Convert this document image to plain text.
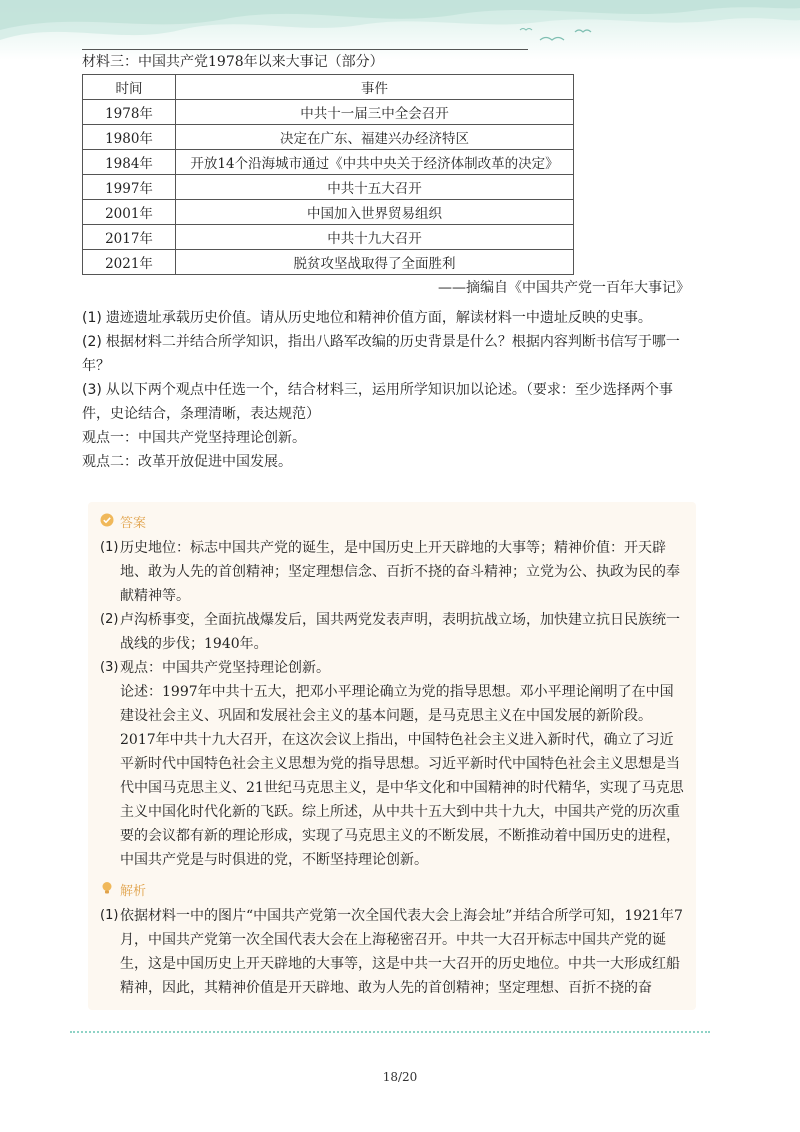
材料三：中国共产党1978年以来大事记（部分）
时间	事件
1978年	中共十一届三中全会召开
1980年	决定在广东、福建兴办经济特区
1984年	开放14个沿海城市通过《中共中央关于经济体制改革的决定》
1997年	中共十五大召开
2001年	中国加入世界贸易组织
2017年	中共十九大召开
2021年	脱贫攻坚战取得了全面胜利
——摘编自《中国共产党一百年大事记》

(1) 遗迹遗址承载历史价值。请从历史地位和精神价值方面，解读材料一中遗址反映的史事。

(2) 根据材料二并结合所学知识，指出八路军改编的历史背景是什么？根据内容判断书信写于哪一年？

(3) 从以下两个观点中任选一个，结合材料三，运用所学知识加以论述。（要求：至少选择两个事件，史论结合，条理清晰，表达规范）

观点一：中国共产党坚持理论创新。

观点二：改革开放促进中国发展。

答案
(1) 历史地位：标志中国共产党的诞生，是中国历史上开天辟地的大事等；精神价值：开天辟地、敢为人先的首创精神；坚定理想信念、百折不挠的奋斗精神；立党为公、执政为民的奉献精神等。

(2) 卢沟桥事变，全面抗战爆发后，国共两党发表声明，表明抗战立场，加快建立抗日民族统一战线的步伐；1940年。

(3) 观点：中国共产党坚持理论创新。

论述：1997年中共十五大，把邓小平理论确立为党的指导思想。邓小平理论阐明了在中国建设社会主义、巩固和发展社会主义的基本问题，是马克思主义在中国发展的新阶段。

2017年中共十九大召开，在这次会议上指出，中国特色社会主义进入新时代，确立了习近平新时代中国特色社会主义思想为党的指导思想。习近平新时代中国特色社会主义思想是当代中国马克思主义、21世纪马克思主义，是中华文化和中国精神的时代精华，实现了马克思主义中国化时代化新的飞跃。综上所述，从中共十五大到中共十九大，中国共产党的历次重要的会议都有新的理论形成，实现了马克思主义的不断发展，不断推动着中国历史的进程，中国共产党是与时俱进的党，不断坚持理论创新。

解析
(1) 依据材料一中的图片“中国共产党第一次全国代表大会上海会址”并结合所学可知，1921年7月，中国共产党第一次全国代表大会在上海秘密召开。中共一大召开标志中国共产党的诞生，这是中国历史上开天辟地的大事等，这是中共一大召开的历史地位。中共一大形成红船精神，因此，其精神价值是开天辟地、敢为人先的首创精神；坚定理想、百折不挠的奋

18/20
